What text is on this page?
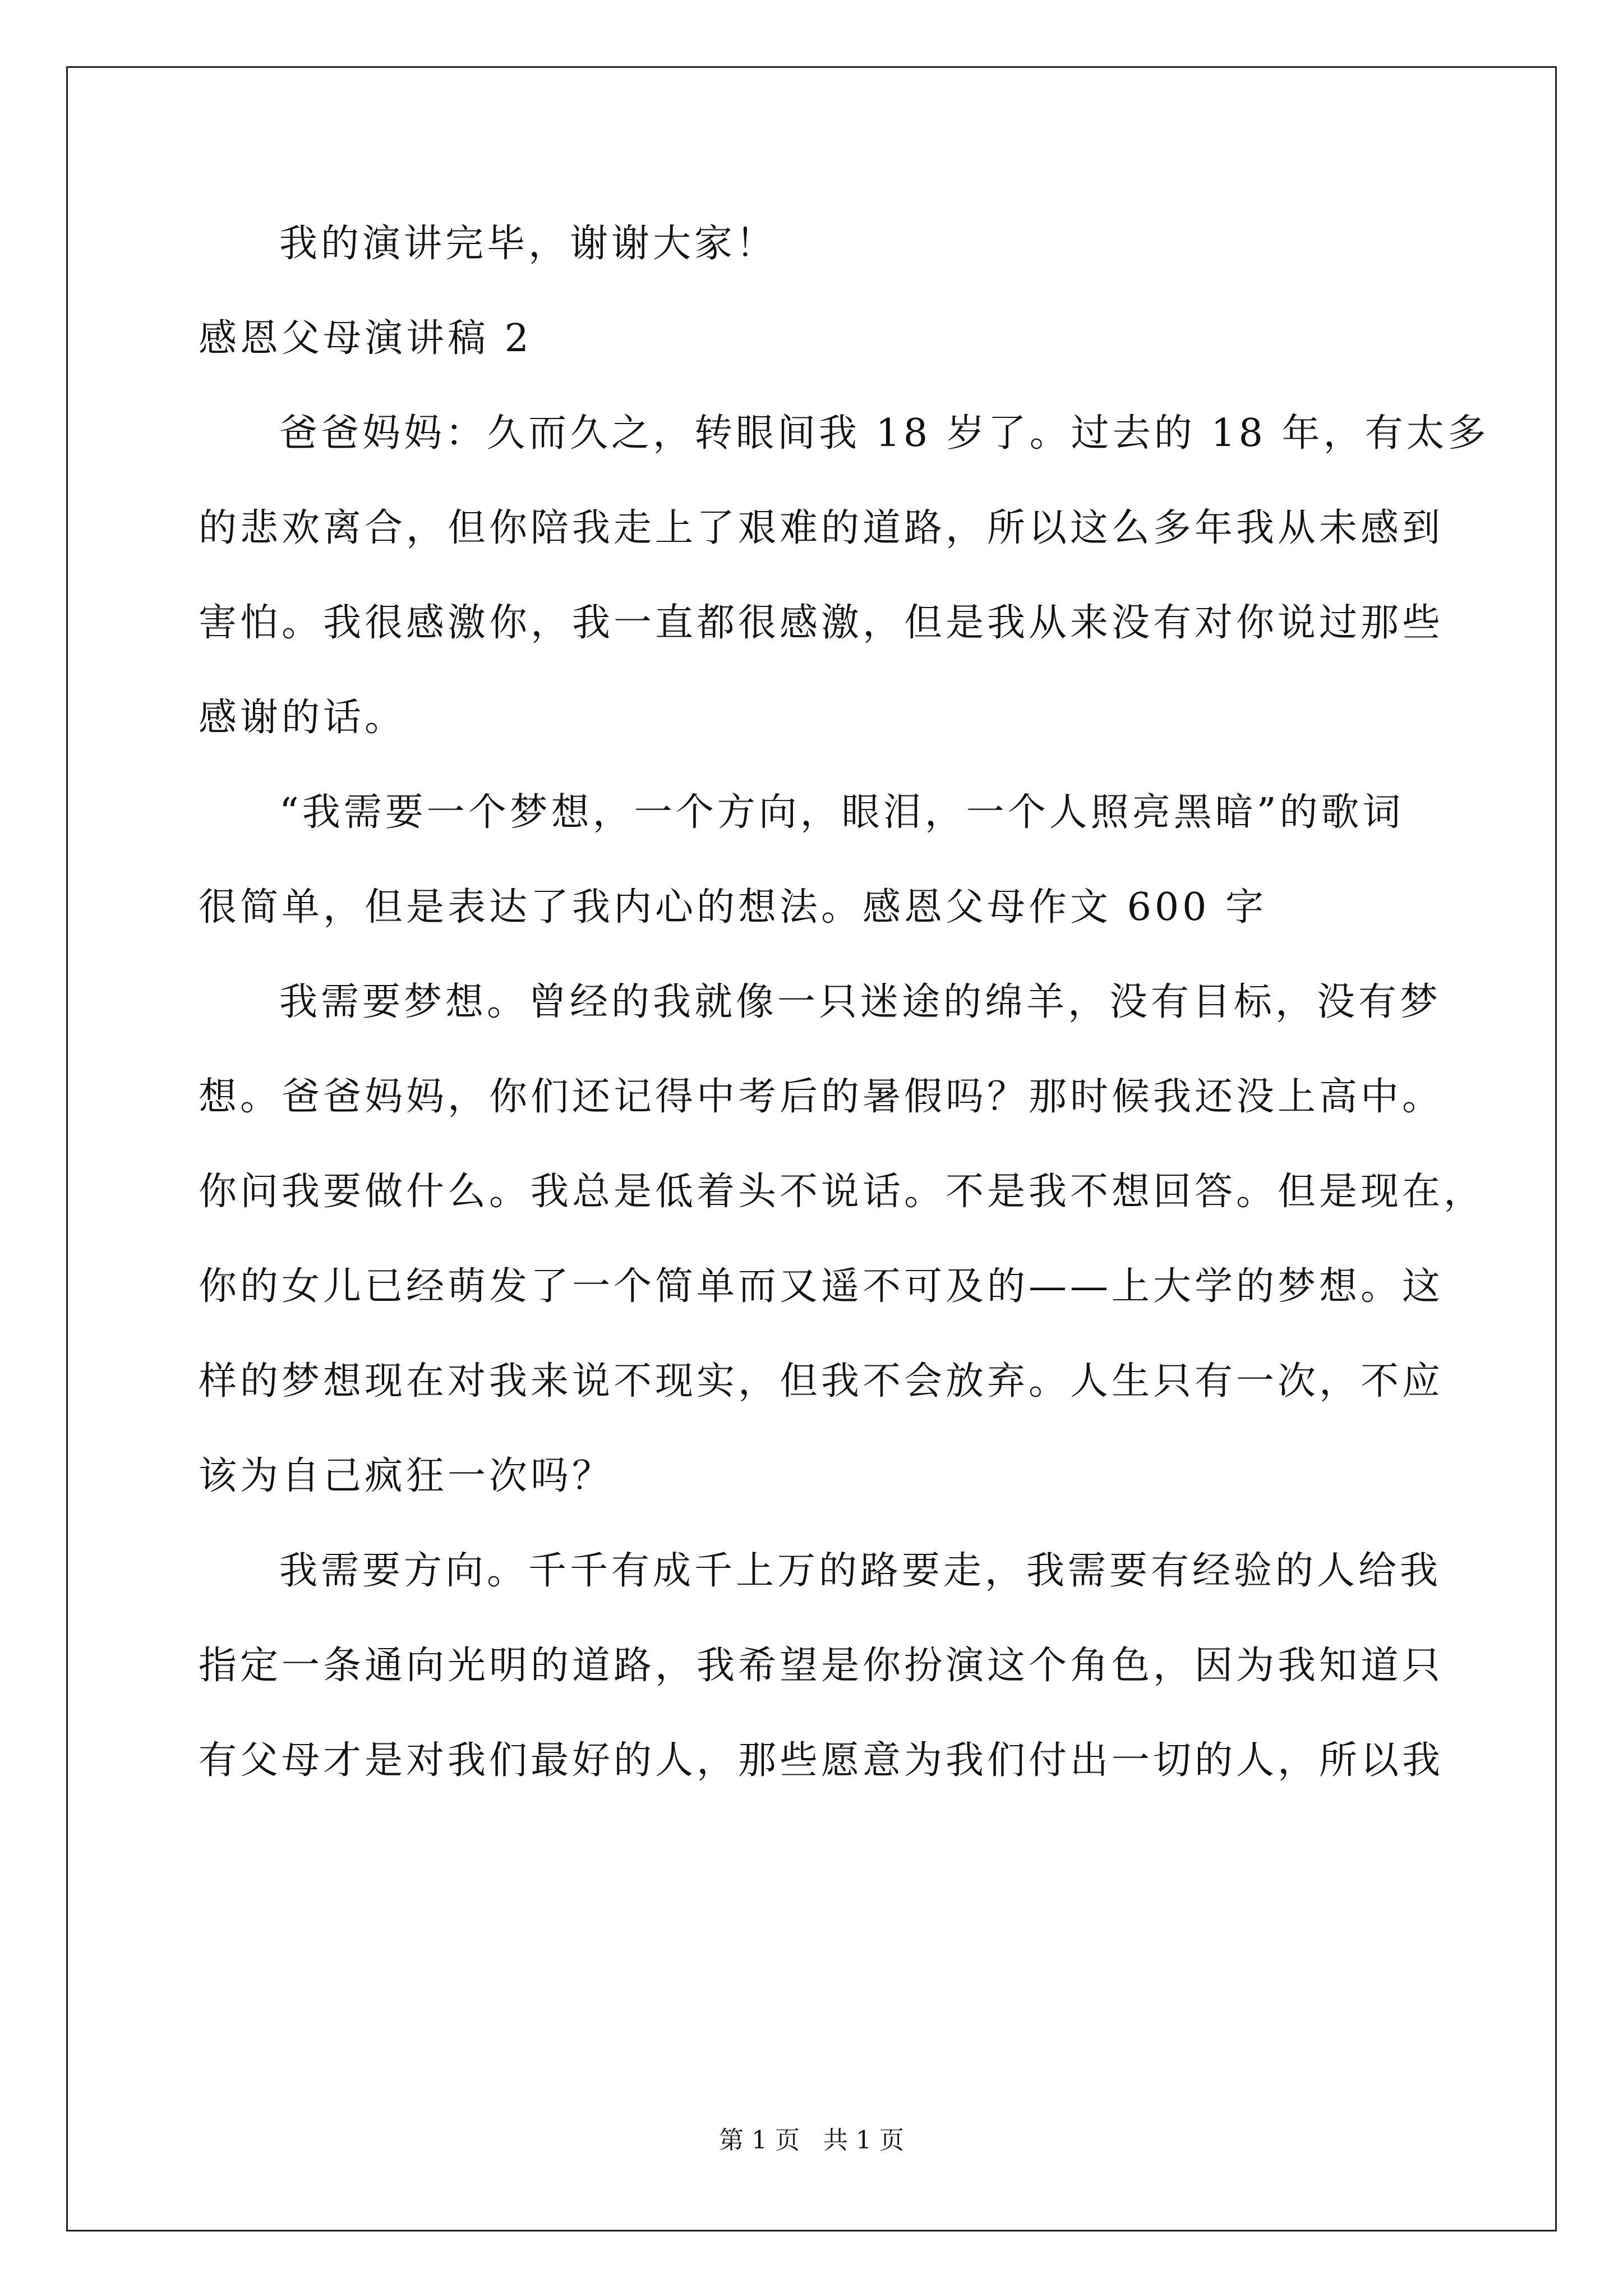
我的演讲完毕，谢谢大家！
感恩父母演讲稿 2
爸爸妈妈：久而久之，转眼间我 18 岁了。过去的 18 年，有太多
的悲欢离合，但你陪我走上了艰难的道路，所以这么多年我从未感到
害怕。我很感激你，我一直都很感激，但是我从来没有对你说过那些
感谢的话。
“我需要一个梦想，一个方向，眼泪，一个人照亮黑暗”的歌词
很简单，但是表达了我内心的想法。感恩父母作文 600 字
我需要梦想。曾经的我就像一只迷途的绵羊，没有目标，没有梦
想。爸爸妈妈，你们还记得中考后的暑假吗？那时候我还没上高中。
你问我要做什么。我总是低着头不说话。不是我不想回答。但是现在，
你的女儿已经萌发了一个简单而又遥不可及的——上大学的梦想。这
样的梦想现在对我来说不现实，但我不会放弃。人生只有一次，不应
该为自己疯狂一次吗？
我需要方向。千千有成千上万的路要走，我需要有经验的人给我
指定一条通向光明的道路，我希望是你扮演这个角色，因为我知道只
有父母才是对我们最好的人，那些愿意为我们付出一切的人，所以我
第 1 页   共 1 页
